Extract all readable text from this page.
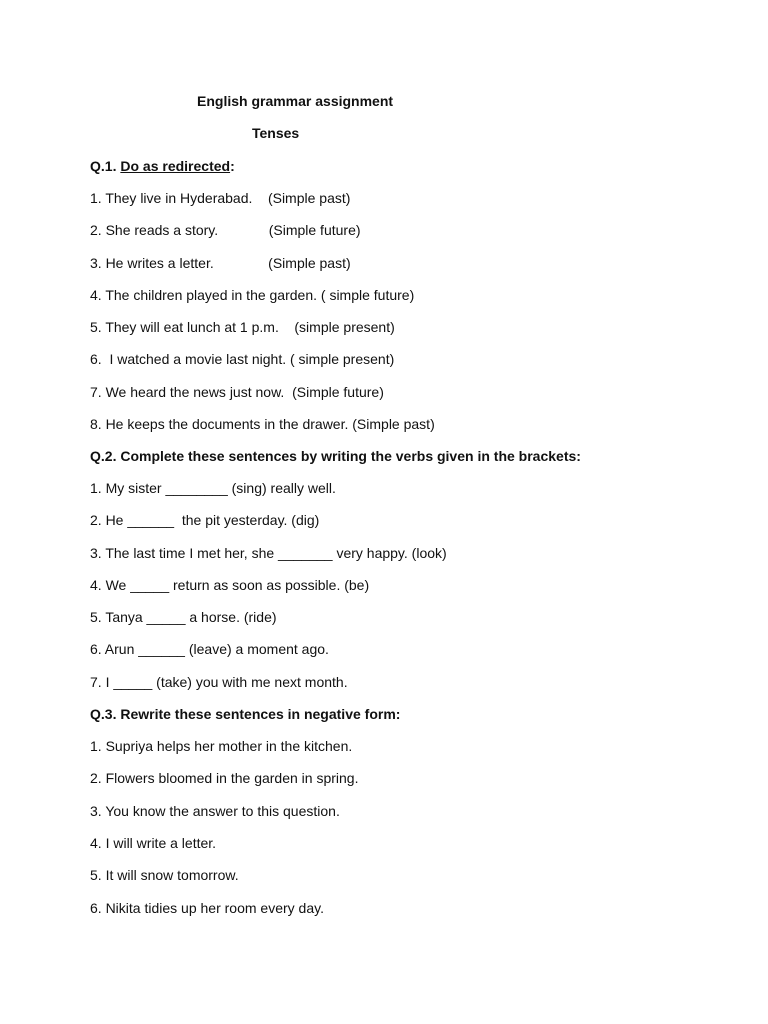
English grammar assignment

Tenses

Q.1. Do as redirected:

1. They live in Hyderabad.    (Simple past)

2. She reads a story.             (Simple future)

3. He writes a letter.              (Simple past)

4. The children played in the garden. ( simple future)

5. They will eat lunch at 1 p.m.    (simple present)

6.  I watched a movie last night. ( simple present)

7. We heard the news just now.  (Simple future)

8. He keeps the documents in the drawer. (Simple past)

Q.2. Complete these sentences by writing the verbs given in the brackets:

1. My sister ________ (sing) really well.

2. He ______  the pit yesterday. (dig)

3. The last time I met her, she _______ very happy. (look)

4. We _____ return as soon as possible. (be)

5. Tanya _____ a horse. (ride)

6. Arun ______ (leave) a moment ago.

7. I _____ (take) you with me next month.

Q.3. Rewrite these sentences in negative form:

1. Supriya helps her mother in the kitchen.

2. Flowers bloomed in the garden in spring.

3. You know the answer to this question.

4. I will write a letter.

5. It will snow tomorrow.

6. Nikita tidies up her room every day.
